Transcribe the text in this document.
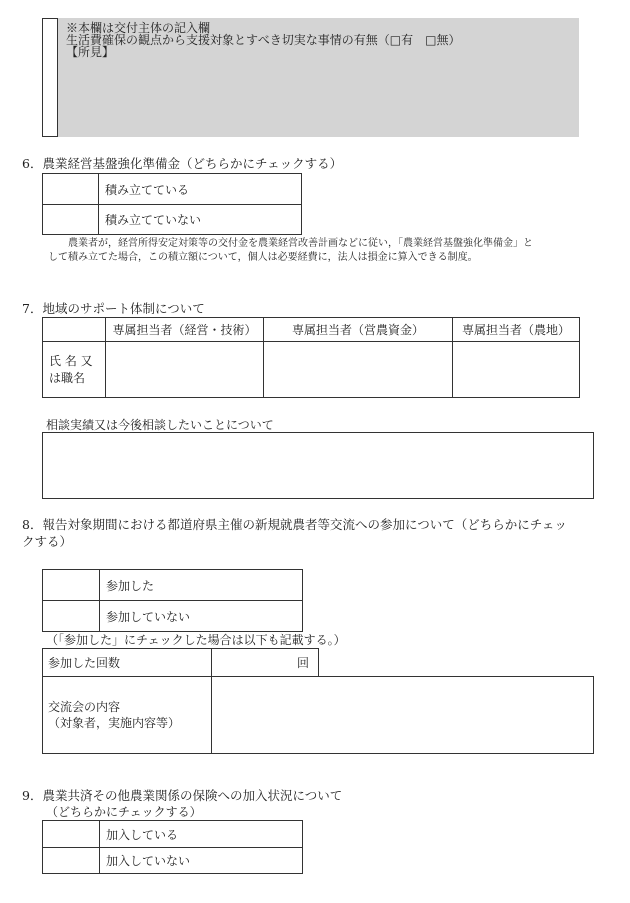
※本欄は交付主体の記入欄
生活費確保の観点から支援対象とすべき切実な事情の有無（□有　□無）
【所見】
6．農業経営基盤強化準備金（どちらかにチェックする）
	積み立てている
	積み立てていない
農業者が，経営所得安定対策等の交付金を農業経営改善計画などに従い，「農業経営基盤強化準備金」と
して積み立てた場合，この積立額について，個人は必要経費に，法人は損金に算入できる制度。
7．地域のサポート体制について
	専属担当者（経営・技術）	専属担当者（営農資金）	専属担当者（農地）

氏 名 又
は職名			

相談実績又は今後相談したいことについて
8．報告対象期間における都道府県主催の新規就農者等交流への参加について（どちらかにチェッ
クする）
	参加した
	参加していない
（「参加した」にチェックした場合は以下も記載する。）
参加した回数	回
交流会の内容
（対象者，実施内容等）
9．農業共済その他農業関係の保険への加入状況について
（どちらかにチェックする）
	加入している
	加入していない
